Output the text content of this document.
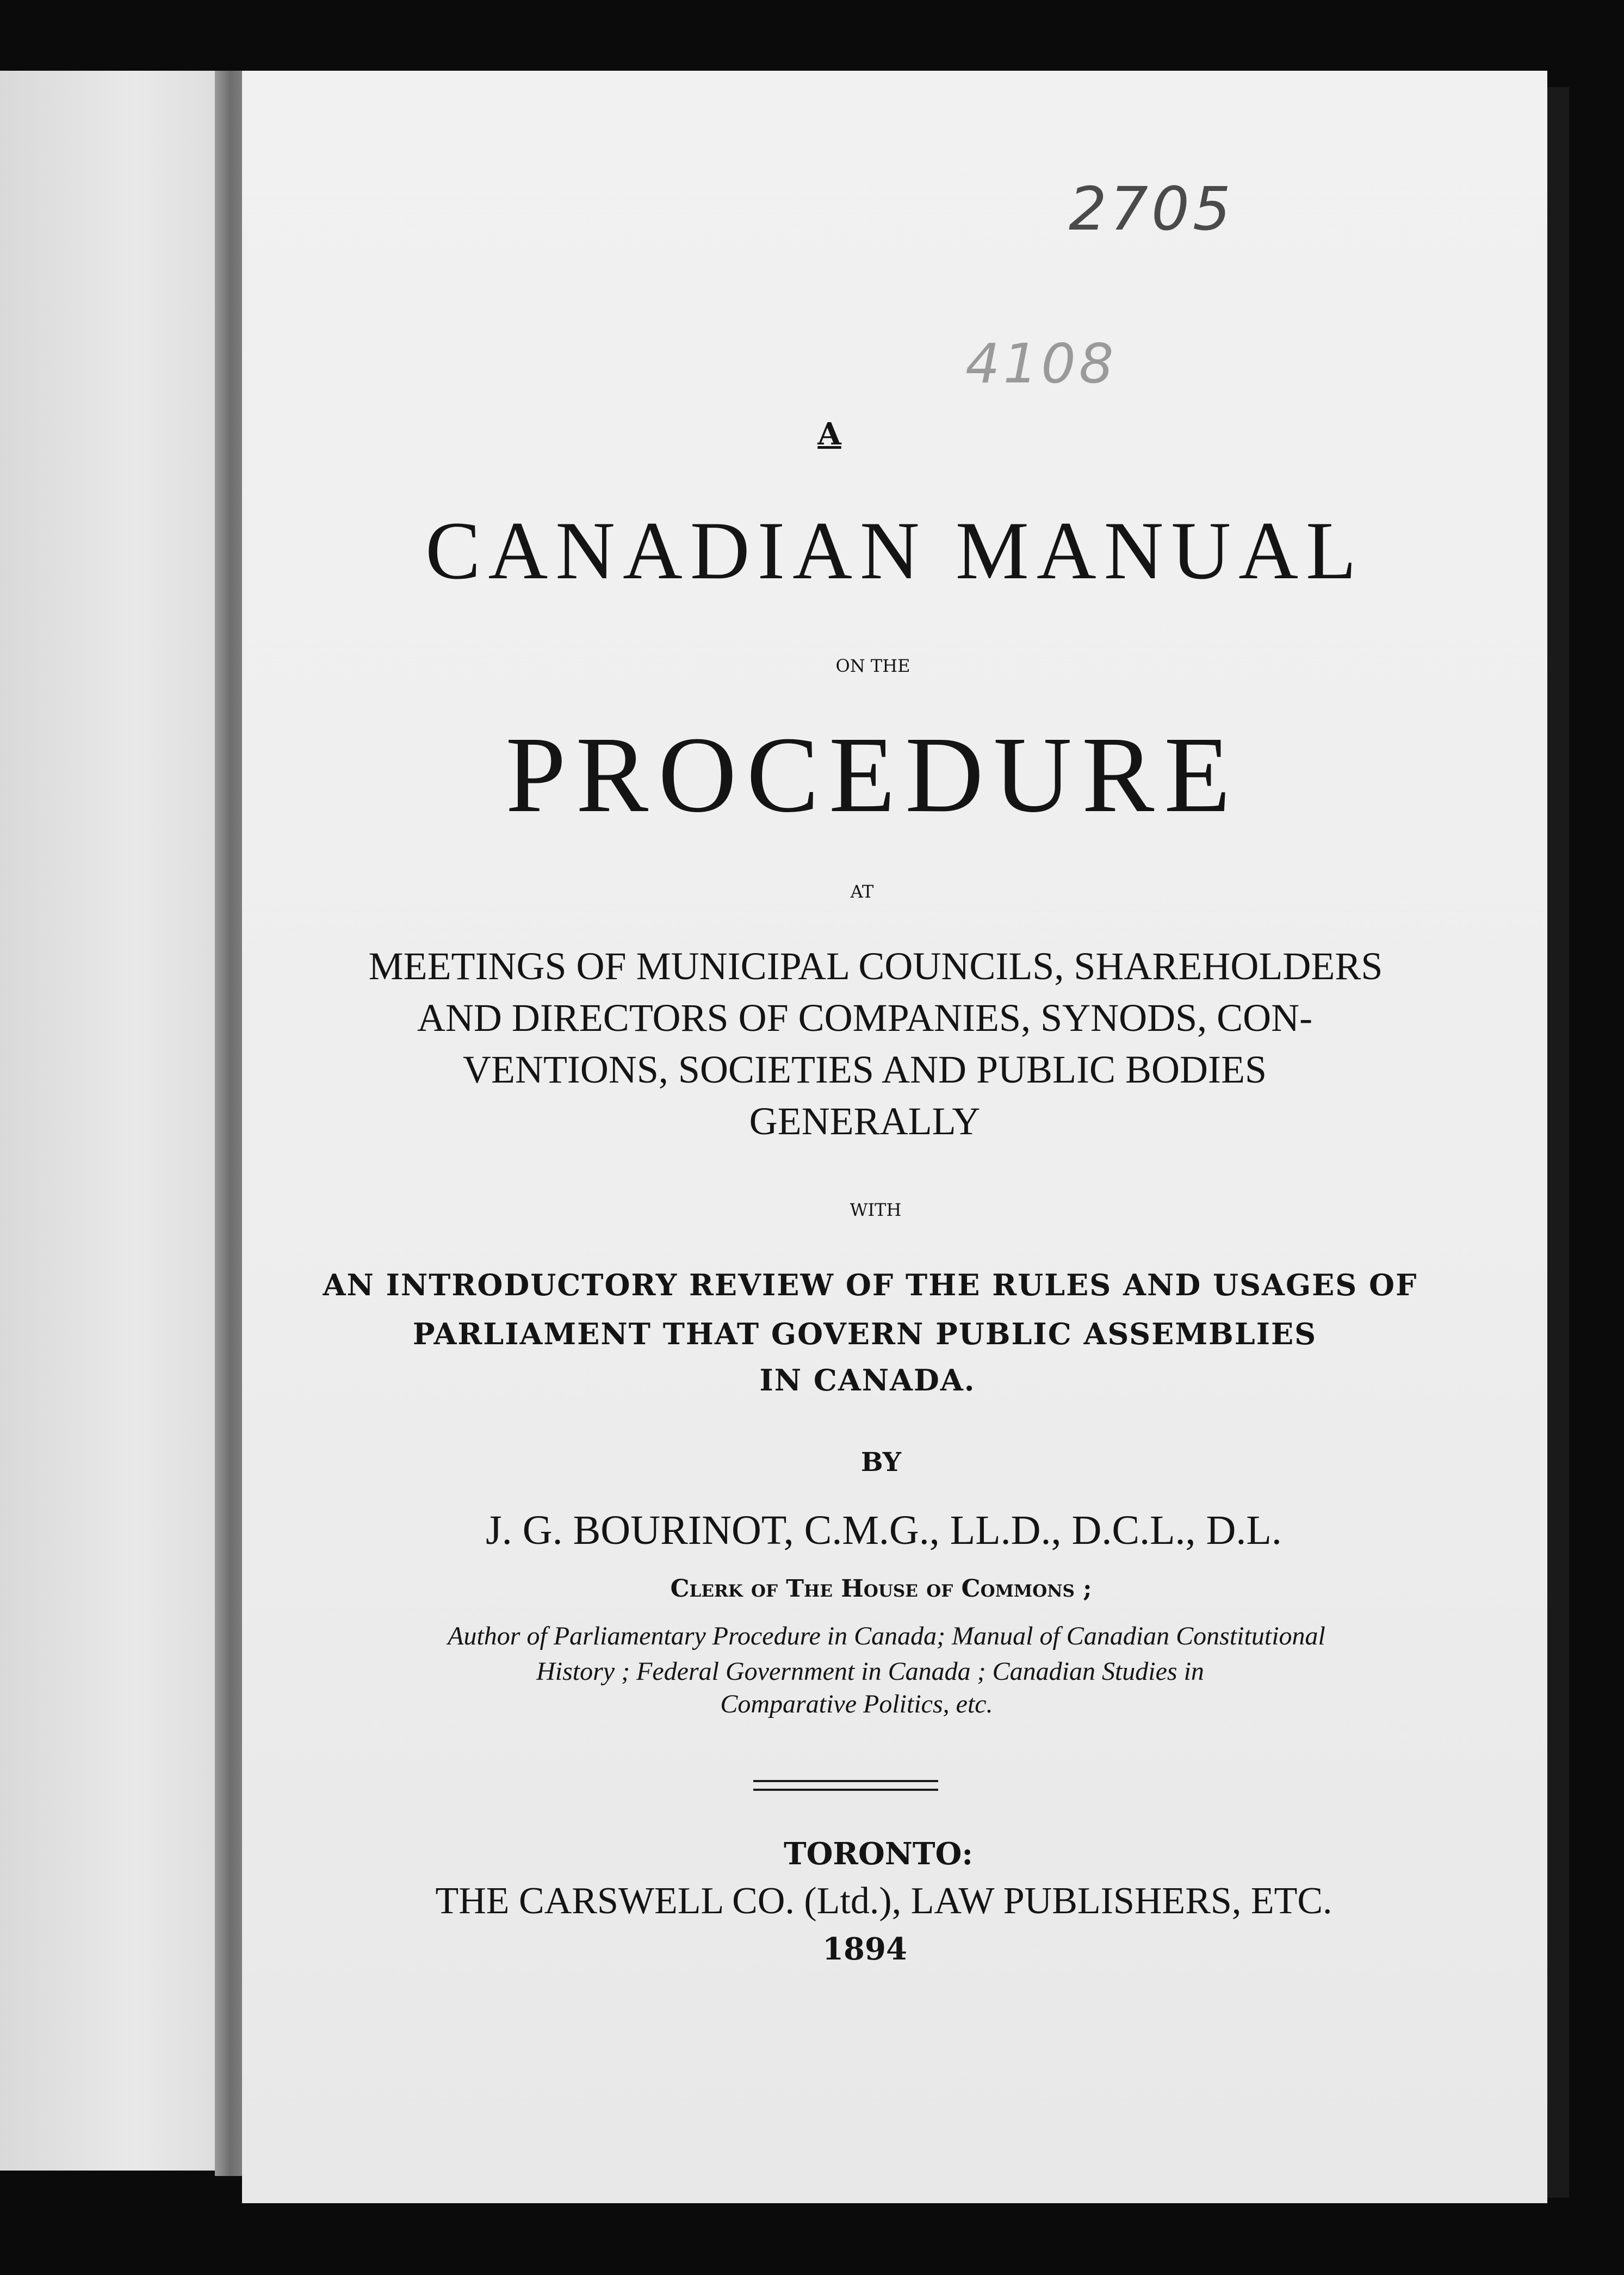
2705
4108
A
CANADIAN MANUAL
ON THE
PROCEDURE
AT
MEETINGS OF MUNICIPAL COUNCILS, SHAREHOLDERS
AND DIRECTORS OF COMPANIES, SYNODS, CON-
VENTIONS, SOCIETIES AND PUBLIC BODIES
GENERALLY
WITH
AN INTRODUCTORY REVIEW OF THE RULES AND USAGES OF
PARLIAMENT THAT GOVERN PUBLIC ASSEMBLIES
IN CANADA.
BY
J. G. BOURINOT, C.M.G., LL.D., D.C.L., D.L.
Clerk of The House of Commons ;
Author of Parliamentary Procedure in Canada; Manual of Canadian Constitutional
History ; Federal Government in Canada ; Canadian Studies in
Comparative Politics, etc.
TORONTO:
THE CARSWELL CO. (Ltd.), LAW PUBLISHERS, ETC.
1894
